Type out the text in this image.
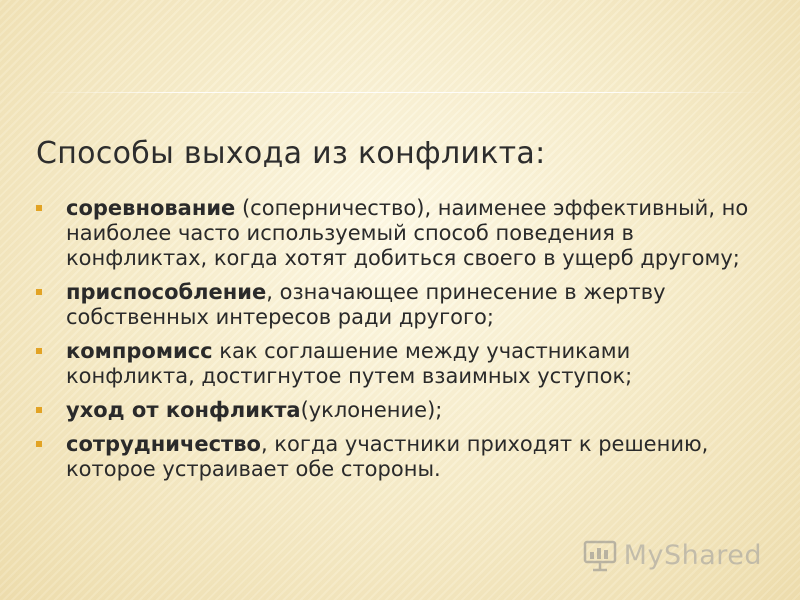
Способы выхода из конфликта:
соревнование (соперничество), наименее эффективный, но наиболее часто используемый способ поведения в конфликтах, когда хотят добиться своего в ущерб другому;
приспособление, означающее принесение в жертву собственных интересов ради другого;
компромисс как соглашение между участниками конфликта, достигнутое путем взаимных уступок;
уход от конфликта(уклонение);
сотрудничество, когда участники приходят к решению, которое устраивает обе стороны.
MyShared
